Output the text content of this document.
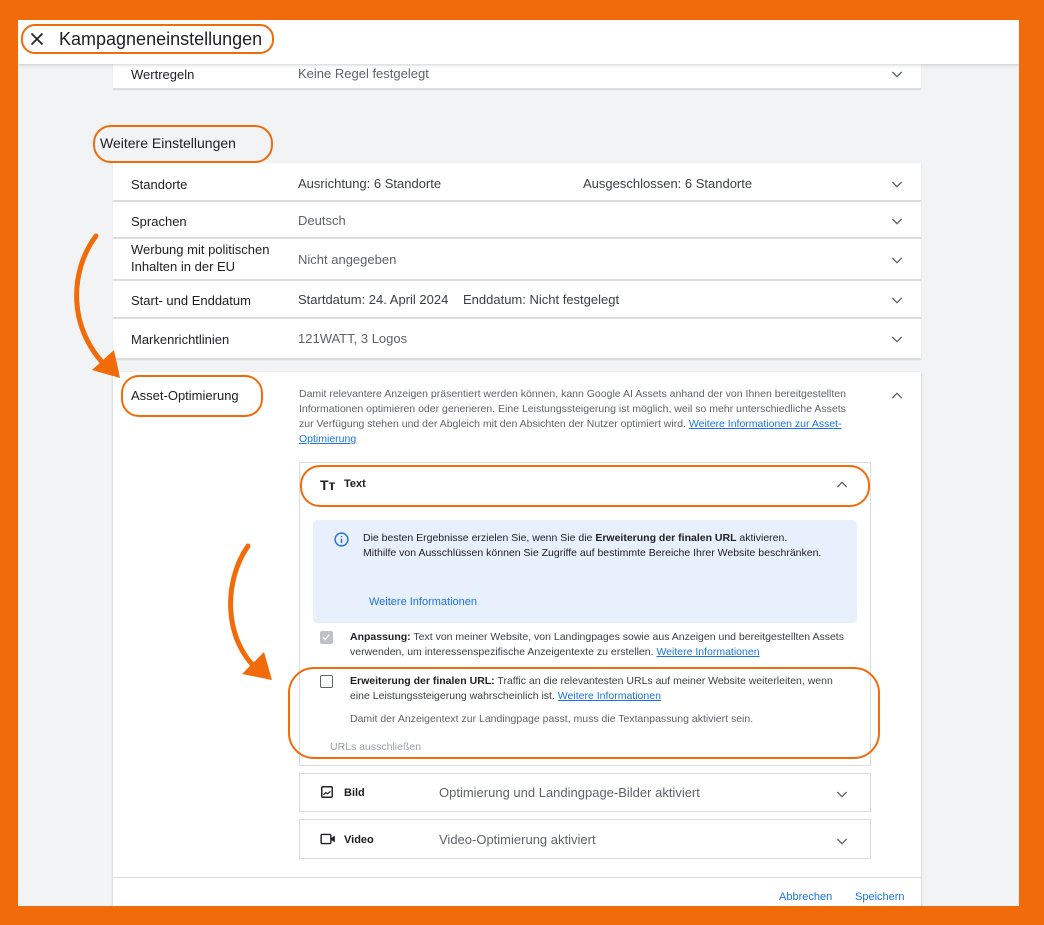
Kampagneneinstellungen
Wertregeln	Keine Regel festgelegt
Weitere Einstellungen
Standorte	Ausrichtung: 6 Standorte	Ausgeschlossen: 6 Standorte
Sprachen	Deutsch
Werbung mit politischen Inhalten in der EU	Nicht angegeben
Start- und Enddatum	Startdatum: 24. April 2024 Enddatum: Nicht festgelegt
Markenrichtlinien	121WATT, 3 Logos
Asset-Optimierung	Damit relevantere Anzeigen präsentiert werden können, kann Google AI Assets anhand der von Ihnen bereitgestellten Informationen optimieren oder generieren. Eine Leistungssteigerung ist möglich, weil so mehr unterschiedliche Assets zur Verfügung stehen und der Abgleich mit den Absichten der Nutzer optimiert wird. Weitere Informationen zur Asset-Optimierung
Tт Text
Die besten Ergebnisse erzielen Sie, wenn Sie die Erweiterung der finalen URL aktivieren. Mithilfe von Ausschlüssen können Sie Zugriffe auf bestimmte Bereiche Ihrer Website beschränken.
Weitere Informationen
Anpassung: Text von meiner Website, von Landingpages sowie aus Anzeigen und bereitgestellten Assets verwenden, um interessenspezifische Anzeigentexte zu erstellen. Weitere Informationen
Erweiterung der finalen URL: Traffic an die relevantesten URLs auf meiner Website weiterleiten, wenn eine Leistungssteigerung wahrscheinlich ist. Weitere Informationen
Damit der Anzeigentext zur Landingpage passt, muss die Textanpassung aktiviert sein.
URLs ausschließen
Bild	Optimierung und Landingpage-Bilder aktiviert
Video	Video-Optimierung aktiviert
Abbrechen Speichern
